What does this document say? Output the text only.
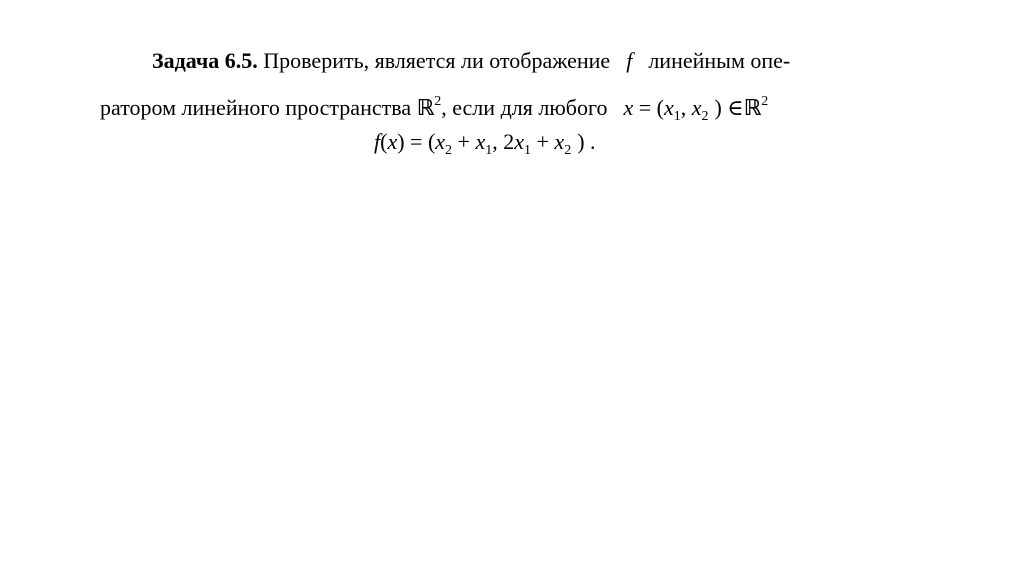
Задача 6.5. Проверить, является ли отображение f линейным опе-
ратором линейного пространства ℝ$^2$, если для любого $x = (x_1$, $x_2$ ) ∈ℝ$^2$
$f(x) = (x_2 + x_1$, $2x_1 + x_2$ ) .
